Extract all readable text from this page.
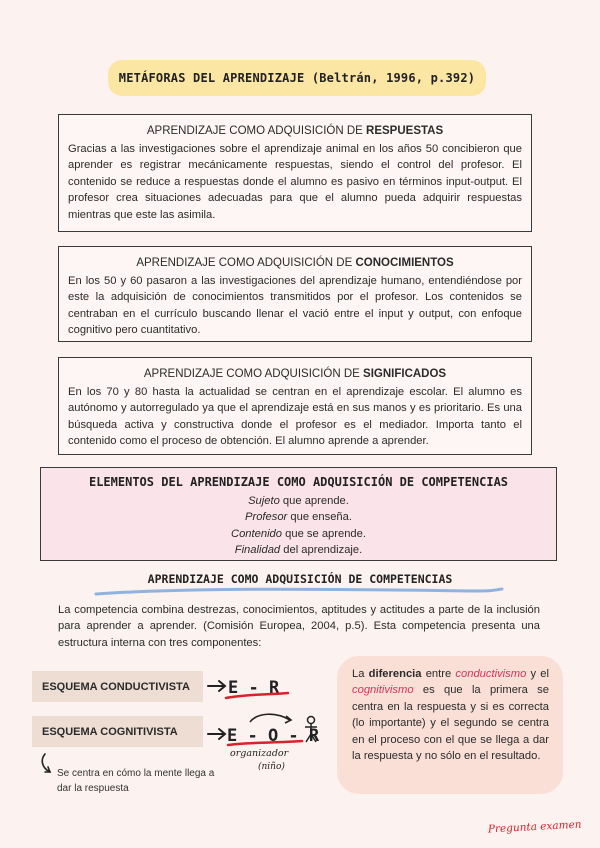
METÁFORAS DEL APRENDIZAJE (Beltrán, 1996, p.392)
APRENDIZAJE COMO ADQUISICIÓN DE RESPUESTAS
Gracias a las investigaciones sobre el aprendizaje animal en los años 50 concibieron que aprender es registrar mecánicamente respuestas, siendo el control del profesor. El contenido se reduce a respuestas donde el alumno es pasivo en términos input-output. El profesor crea situaciones adecuadas para que el alumno pueda adquirir respuestas mientras que este las asimila.
APRENDIZAJE COMO ADQUISICIÓN DE CONOCIMIENTOS
En los 50 y 60 pasaron a las investigaciones del aprendizaje humano, entendiéndose por este la adquisición de conocimientos transmitidos por el profesor. Los contenidos se centraban en el currículo buscando llenar el vació entre el input y output, con enfoque cognitivo pero cuantitativo.
APRENDIZAJE COMO ADQUISICIÓN DE SIGNIFICADOS
En los 70 y 80 hasta la actualidad se centran en el aprendizaje escolar. El alumno es autónomo y autorregulado ya que el aprendizaje está en sus manos y es prioritario. Es una búsqueda activa y constructiva donde el profesor es el mediador. Importa tanto el contenido como el proceso de obtención. El alumno aprende a aprender.
ELEMENTOS DEL APRENDIZAJE COMO ADQUISICIÓN DE COMPETENCIAS
Sujeto que aprende.
Profesor que enseña.
Contenido que se aprende.
Finalidad del aprendizaje.
APRENDIZAJE COMO ADQUISICIÓN DE COMPETENCIAS
La competencia combina destrezas, conocimientos, aptitudes y actitudes a parte de la inclusión para aprender a aprender. (Comisión Europea, 2004, p.5). Esta competencia presenta una estructura interna con tres componentes:
ESQUEMA CONDUCTIVISTA
ESQUEMA COGNITIVISTA
E - R
E - O - R
organizador
(niño)
Se centra en cómo la mente llega a dar la respuesta
La diferencia entre conductivismo y el cognitivismo es que la primera se centra en la respuesta y si es correcta (lo importante) y el segundo se centra en el proceso con el que se llega a dar la respuesta y no sólo en el resultado.
Pregunta examen
